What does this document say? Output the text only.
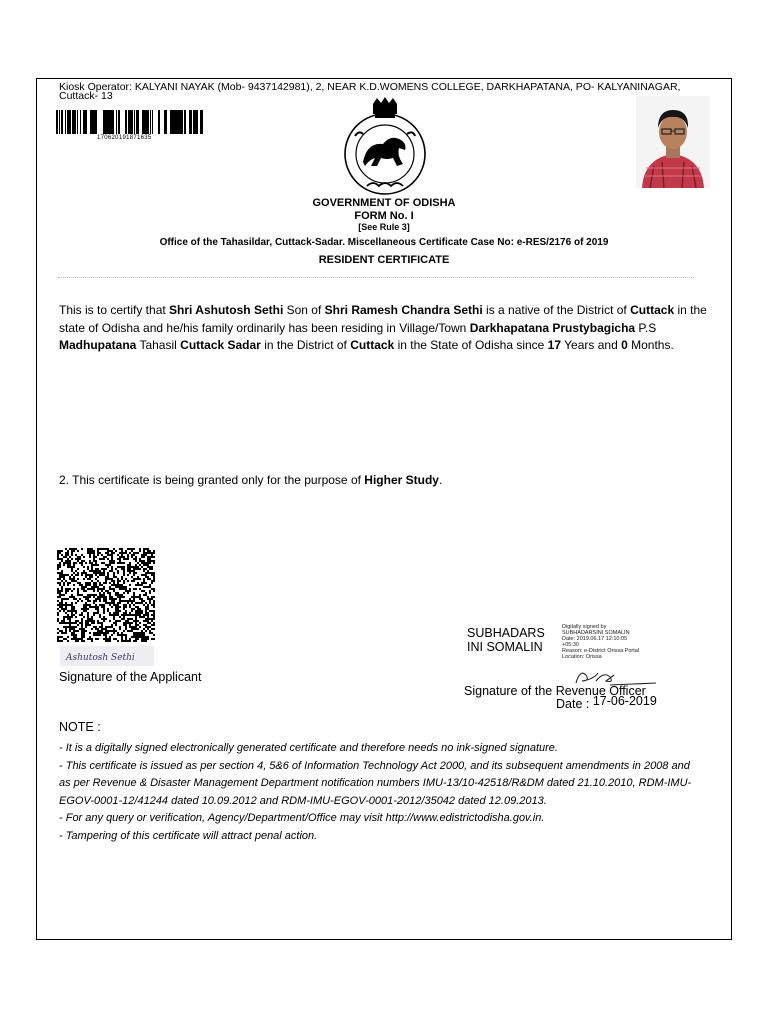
Kiosk Operator: KALYANI NAYAK (Mob- 9437142981), 2, NEAR K.D.WOMENS COLLEGE, DARKHAPATANA, PO- KALYANINAGAR,
Cuttack- 13
170620191871635
GOVERNMENT OF ODISHA
FORM No. I
[See Rule 3]
Office of the Tahasildar, Cuttack-Sadar. Miscellaneous Certificate Case No: e-RES/2176 of 2019
RESIDENT CERTIFICATE
This is to certify that Shri Ashutosh Sethi Son of Shri Ramesh Chandra Sethi is a native of the District of Cuttack in the state of Odisha and he/his family ordinarily has been residing in Village/Town Darkhapatana Prustybagicha P.S Madhupatana Tahasil Cuttack Sadar in the District of Cuttack in the State of Odisha since 17 Years and 0 Months.
2. This certificate is being granted only for the purpose of Higher Study.
Ashutosh Sethi
Signature of the Applicant
SUBHADARS
INI SOMALIN
Digitally signed by
SUBHADARSINI SOMALIN
Date: 2019.06.17 12:10:05
+05:30
Reason: e-District Orissa Portal
Location: Orissa
Signature of the Revenue Officer
Date : 17-06-2019
NOTE :
- It is a digitally signed electronically generated certificate and therefore needs no ink-signed signature.
- This certificate is issued as per section 4, 5&6 of Information Technology Act 2000, and its subsequent amendments in 2008 and as per Revenue & Disaster Management Department notification numbers IMU-13/10-42518/R&DM dated 21.10.2010, RDM-IMU-EGOV-0001-12/41244 dated 10.09.2012 and RDM-IMU-EGOV-0001-2012/35042 dated 12.09.2013.
- For any query or verification, Agency/Department/Office may visit http://www.edistrictodisha.gov.in.
- Tampering of this certificate will attract penal action.
